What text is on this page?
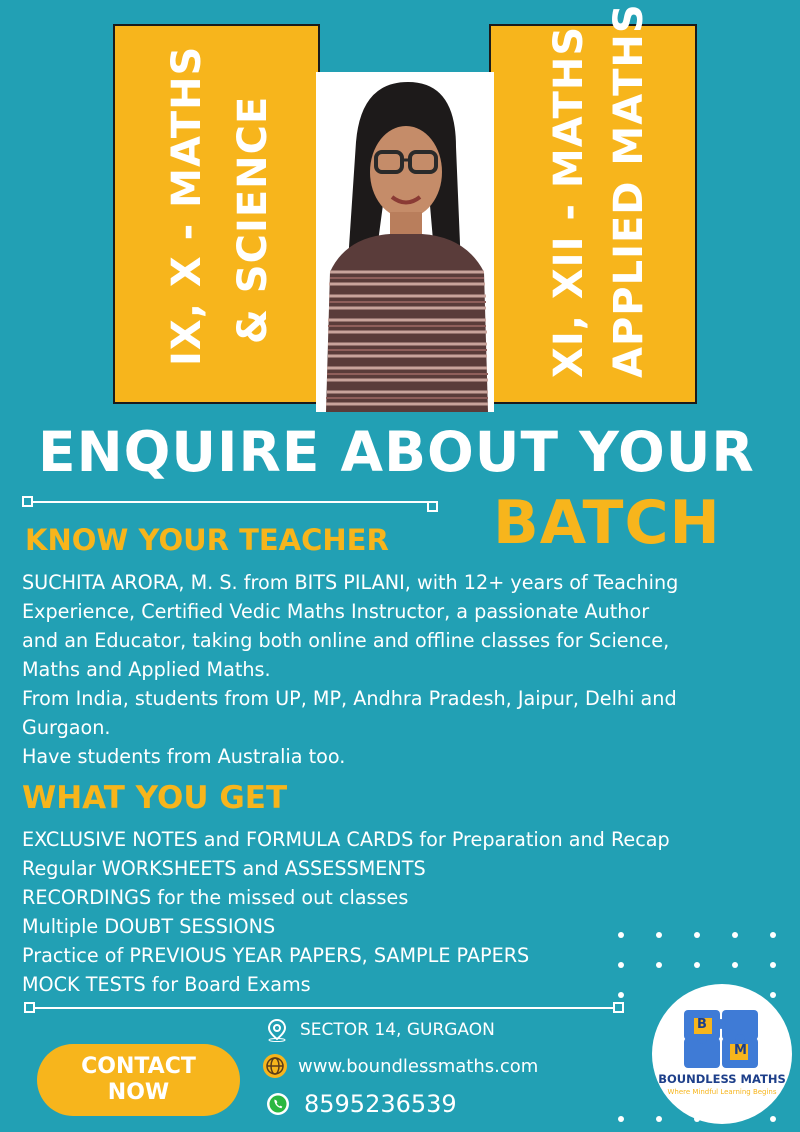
IX, X - MATHS & SCIENCE	XI, XII - MATHS APPLIED MATHS
ENQUIRE ABOUT YOUR
BATCH
KNOW YOUR TEACHER
SUCHITA ARORA, M. S. from BITS PILANI, with 12+ years of Teaching
Experience, Certified Vedic Maths Instructor, a passionate Author
and an Educator, taking both online and offline classes for Science,
Maths and Applied Maths.
From India, students from UP, MP, Andhra Pradesh, Jaipur, Delhi and
Gurgaon.
Have students from Australia too.
WHAT YOU GET
EXCLUSIVE NOTES and FORMULA CARDS for Preparation and Recap
Regular WORKSHEETS and ASSESSMENTS
RECORDINGS for the missed out classes
Multiple DOUBT SESSIONS
Practice of PREVIOUS YEAR PAPERS, SAMPLE PAPERS
MOCK TESTS for Board Exams
CONTACT
NOW
SECTOR 14, GURGAON
www.boundlessmaths.com
8595236539
B
M
BOUNDLESS MATHS
Where Mindful Learning Begins
